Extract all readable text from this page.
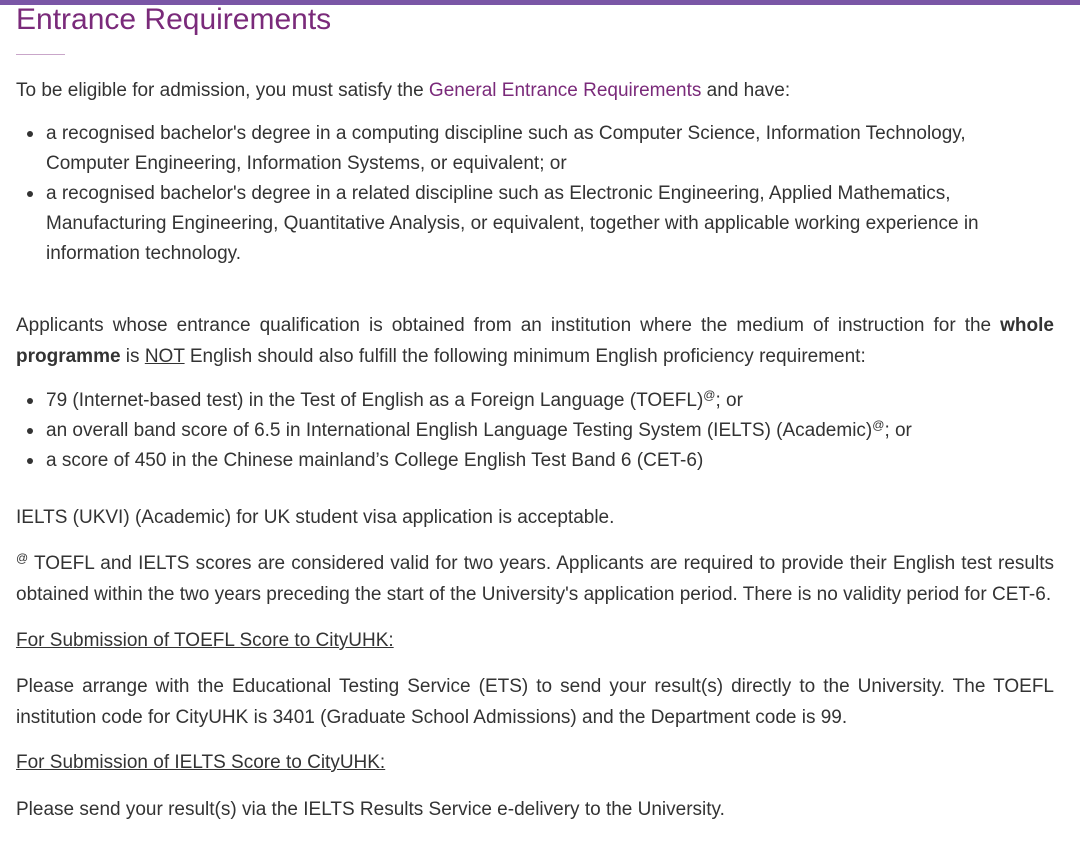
Entrance Requirements

To be eligible for admission, you must satisfy the General Entrance Requirements and have:

a recognised bachelor's degree in a computing discipline such as Computer Science, Information Technology, Computer Engineering, Information Systems, or equivalent; or
a recognised bachelor's degree in a related discipline such as Electronic Engineering, Applied Mathematics, Manufacturing Engineering, Quantitative Analysis, or equivalent, together with applicable working experience in information technology.

Applicants whose entrance qualification is obtained from an institution where the medium of instruction for the whole programme is NOT English should also fulfill the following minimum English proficiency requirement:

79 (Internet-based test) in the Test of English as a Foreign Language (TOEFL)@; or
an overall band score of 6.5 in International English Language Testing System (IELTS) (Academic)@; or
a score of 450 in the Chinese mainland’s College English Test Band 6 (CET-6)

IELTS (UKVI) (Academic) for UK student visa application is acceptable.

@ TOEFL and IELTS scores are considered valid for two years. Applicants are required to provide their English test results obtained within the two years preceding the start of the University's application period. There is no validity period for CET-6.

For Submission of TOEFL Score to CityUHK:

Please arrange with the Educational Testing Service (ETS) to send your result(s) directly to the University. The TOEFL institution code for CityUHK is 3401 (Graduate School Admissions) and the Department code is 99.

For Submission of IELTS Score to CityUHK:

Please send your result(s) via the IELTS Results Service e-delivery to the University.
